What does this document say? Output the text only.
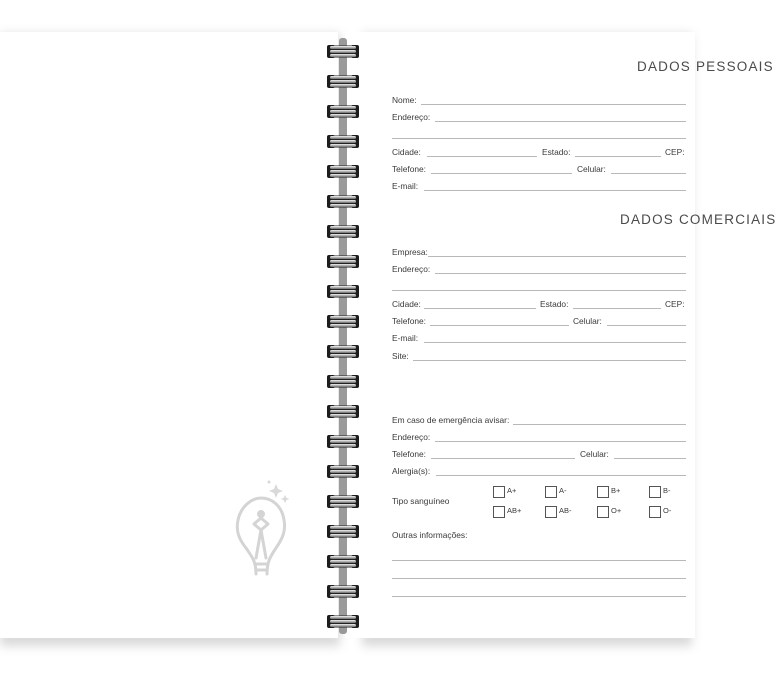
DADOS PESSOAIS
Nome:
Endereço:
Cidade:	Estado:	CEP:
Telefone:	Celular:
E-mail:
DADOS COMERCIAIS
Empresa:
Endereço:
Cidade:	Estado:	CEP:
Telefone:	Celular:
E-mail:
Site:
Em caso de emergência avisar:
Endereço:
Telefone:	Celular:
Alergia(s):
Tipo sanguíneo
A+	A-	B+	B-
AB+	AB-	O+	O-
Outras informações:
